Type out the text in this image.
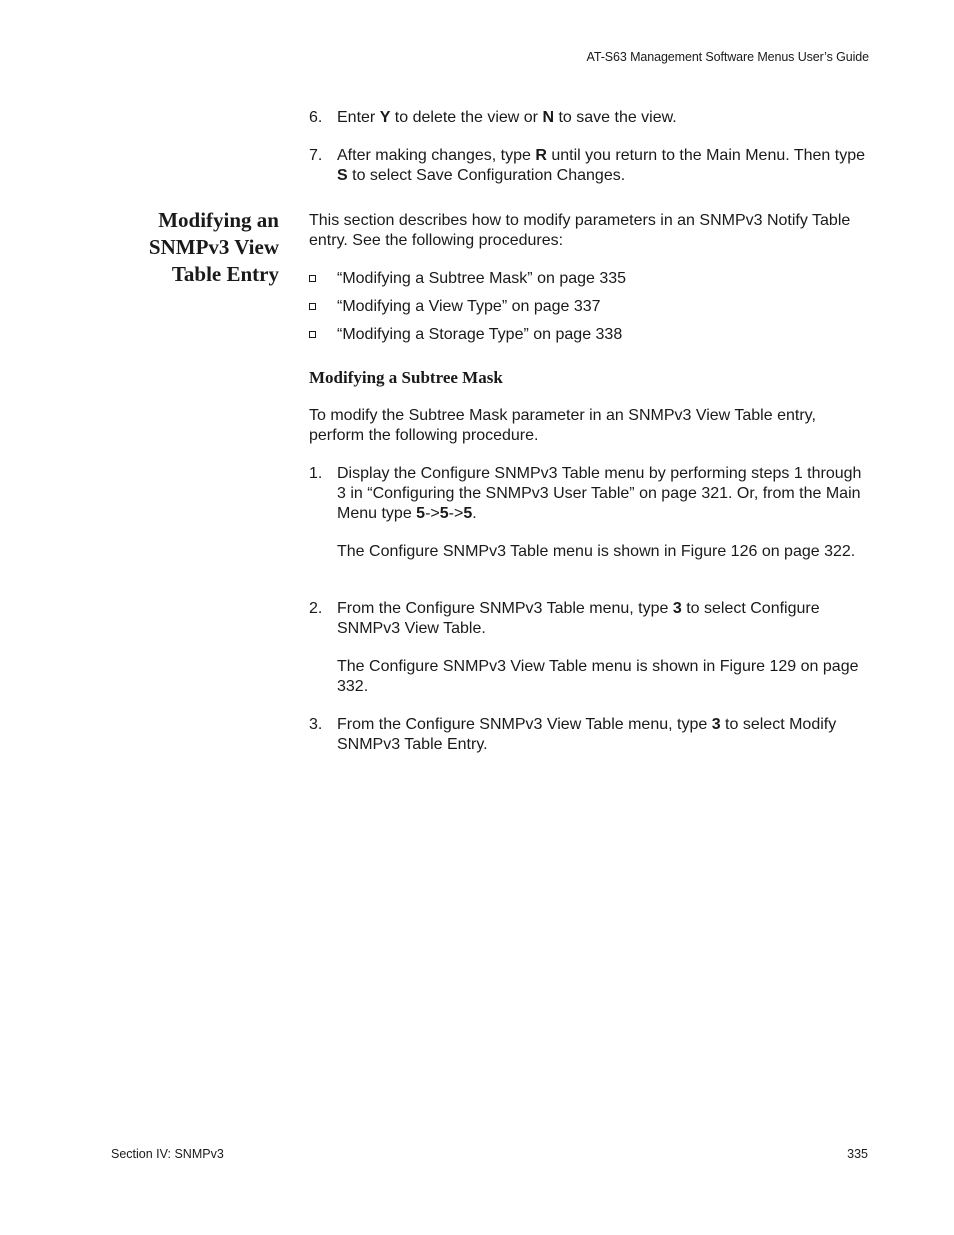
AT-S63 Management Software Menus User’s Guide
6. Enter Y to delete the view or N to save the view.
7. After making changes, type R until you return to the Main Menu. Then type S to select Save Configuration Changes.
Modifying an
SNMPv3 View
Table Entry
This section describes how to modify parameters in an SNMPv3 Notify Table entry. See the following procedures:
“Modifying a Subtree Mask” on page 335
“Modifying a View Type” on page 337
“Modifying a Storage Type” on page 338
Modifying a Subtree Mask
To modify the Subtree Mask parameter in an SNMPv3 View Table entry, perform the following procedure.
1. Display the Configure SNMPv3 Table menu by performing steps 1 through 3 in “Configuring the SNMPv3 User Table” on page 321. Or, from the Main Menu type 5->5->5.
The Configure SNMPv3 Table menu is shown in Figure 126 on page 322.
2. From the Configure SNMPv3 Table menu, type 3 to select Configure SNMPv3 View Table.
The Configure SNMPv3 View Table menu is shown in Figure 129 on page 332.
3. From the Configure SNMPv3 View Table menu, type 3 to select Modify SNMPv3 Table Entry.
Section IV: SNMPv3	335
